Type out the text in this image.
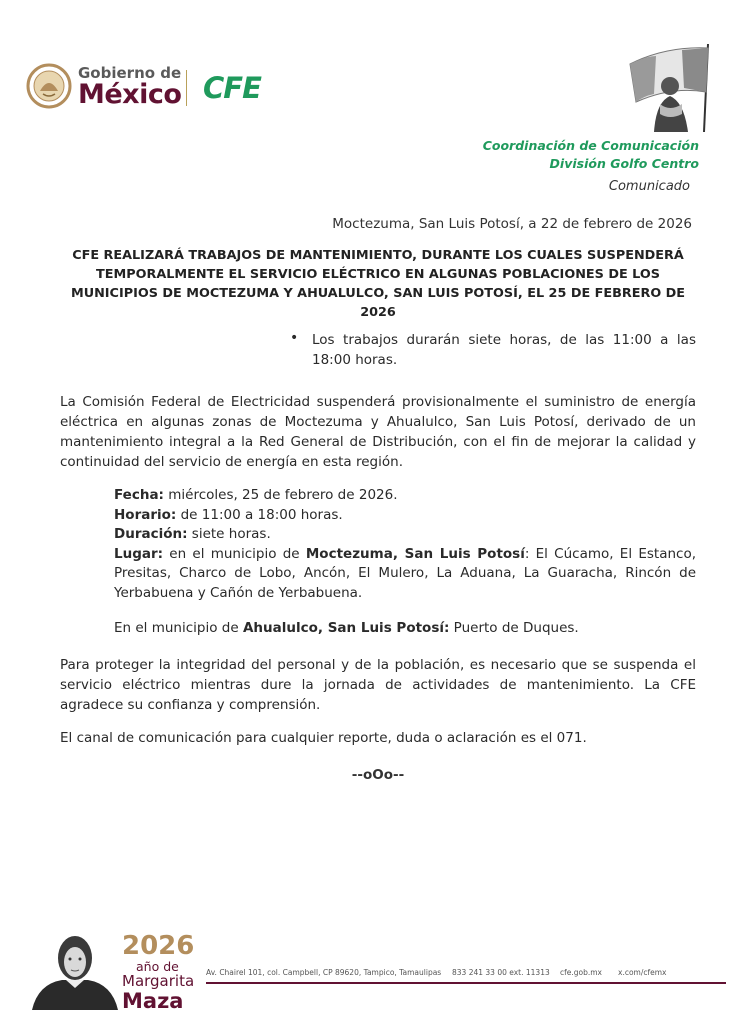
Gobierno de
México CFE
Coordinación de Comunicación
División Golfo Centro
Comunicado
Moctezuma, San Luis Potosí, a 22 de febrero de 2026
CFE REALIZARÁ TRABAJOS DE MANTENIMIENTO, DURANTE LOS CUALES SUSPENDERÁ TEMPORALMENTE EL SERVICIO ELÉCTRICO EN ALGUNAS POBLACIONES DE LOS MUNICIPIOS DE MOCTEZUMA Y AHUALULCO, SAN LUIS POTOSÍ, EL 25 DE FEBRERO DE 2026
• Los trabajos durarán siete horas, de las 11:00 a las 18:00 horas.
La Comisión Federal de Electricidad suspenderá provisionalmente el suministro de energía eléctrica en algunas zonas de Moctezuma y Ahualulco, San Luis Potosí, derivado de un mantenimiento integral a la Red General de Distribución, con el fin de mejorar la calidad y continuidad del servicio de energía en esta región.

Fecha: miércoles, 25 de febrero de 2026.

Horario: de 11:00 a 18:00 horas.

Duración: siete horas.

Lugar: en el municipio de Moctezuma, San Luis Potosí: El Cúcamo, El Estanco, Presitas, Charco de Lobo, Ancón, El Mulero, La Aduana, La Guaracha, Rincón de Yerbabuena y Cañón de Yerbabuena.

En el municipio de Ahualulco, San Luis Potosí: Puerto de Duques.
Para proteger la integridad del personal y de la población, es necesario que se suspenda el servicio eléctrico mientras dure la jornada de actividades de mantenimiento. La CFE agradece su confianza y comprensión.
El canal de comunicación para cualquier reporte, duda o aclaración es el 071.
--oOo--
2026
año de
Margarita
Maza
Av. Chairel 101, col. Campbell, CP 89620, Tampico, Tamaulipas 833 241 33 00 ext. 11313 cfe.gob.mx x.com/cfemx
